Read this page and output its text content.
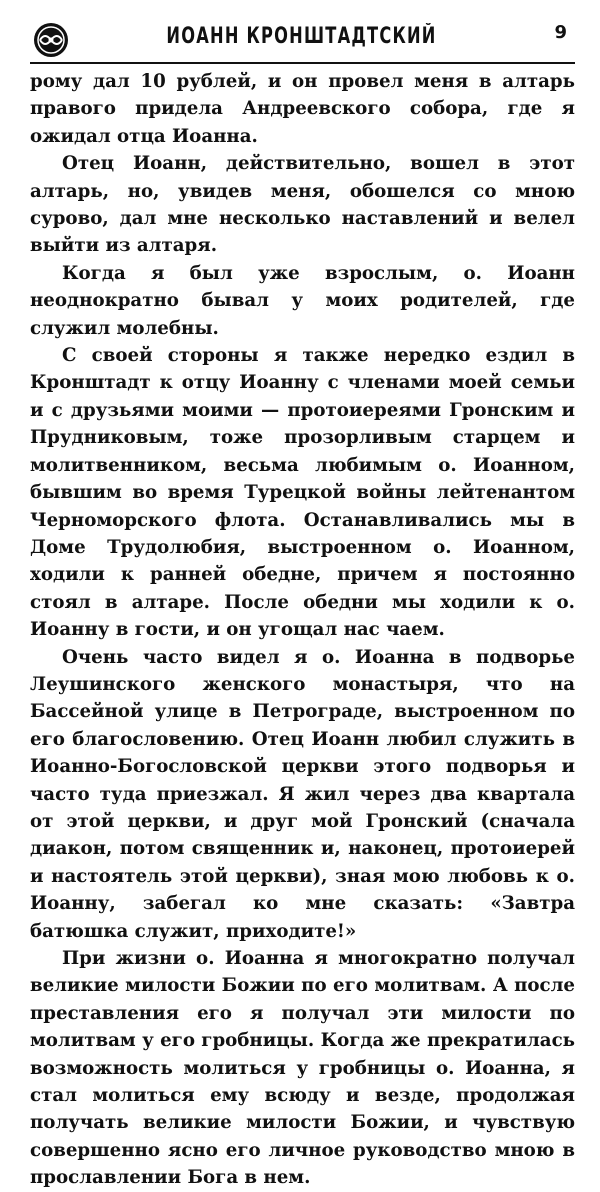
ИОАНН КРОНШТАДТСКИЙ	9

рому дал 10 рублей, и он провел меня в алтарь правого придела Андреевского собора, где я ожидал отца Иоанна.

Отец Иоанн, действительно, вошел в этот алтарь, но, увидев меня, обошелся со мною сурово, дал мне несколько наставлений и велел выйти из алтаря.

Когда я был уже взрослым, о. Иоанн неоднократно бывал у моих родителей, где служил молебны.

С своей стороны я также нередко ездил в Кронштадт к отцу Иоанну с членами моей семьи и с друзьями моими — протоиереями Гронским и Прудниковым, тоже прозорливым старцем и молитвенником, весьма любимым о. Иоанном, бывшим во время Турецкой войны лейтенантом Черноморского флота. Останавливались мы в Доме Трудолюбия, выстроенном о. Иоанном, ходили к ранней обедне, причем я постоянно стоял в алтаре. После обедни мы ходили к о. Иоанну в гости, и он угощал нас чаем.

Очень часто видел я о. Иоанна в подворье Леушинского женского монастыря, что на Бассейной улице в Петрограде, выстроенном по его благословению. Отец Иоанн любил служить в Иоанно-Богословской церкви этого подворья и часто туда приезжал. Я жил через два квартала от этой церкви, и друг мой Гронский (сначала диакон, потом священник и, наконец, протоиерей и настоятель этой церкви), зная мою любовь к о. Иоанну, забегал ко мне сказать: «Завтра батюшка служит, приходите!»

При жизни о. Иоанна я многократно получал великие милости Божии по его молитвам. А после преставления его я получал эти милости по молитвам у его гробницы. Когда же прекратилась возможность молиться у гробницы о. Иоанна, я стал молиться ему всюду и везде, продолжая получать великие милости Божии, и чувствую совершенно ясно его личное руководство мною в прославлении Бога в нем.
